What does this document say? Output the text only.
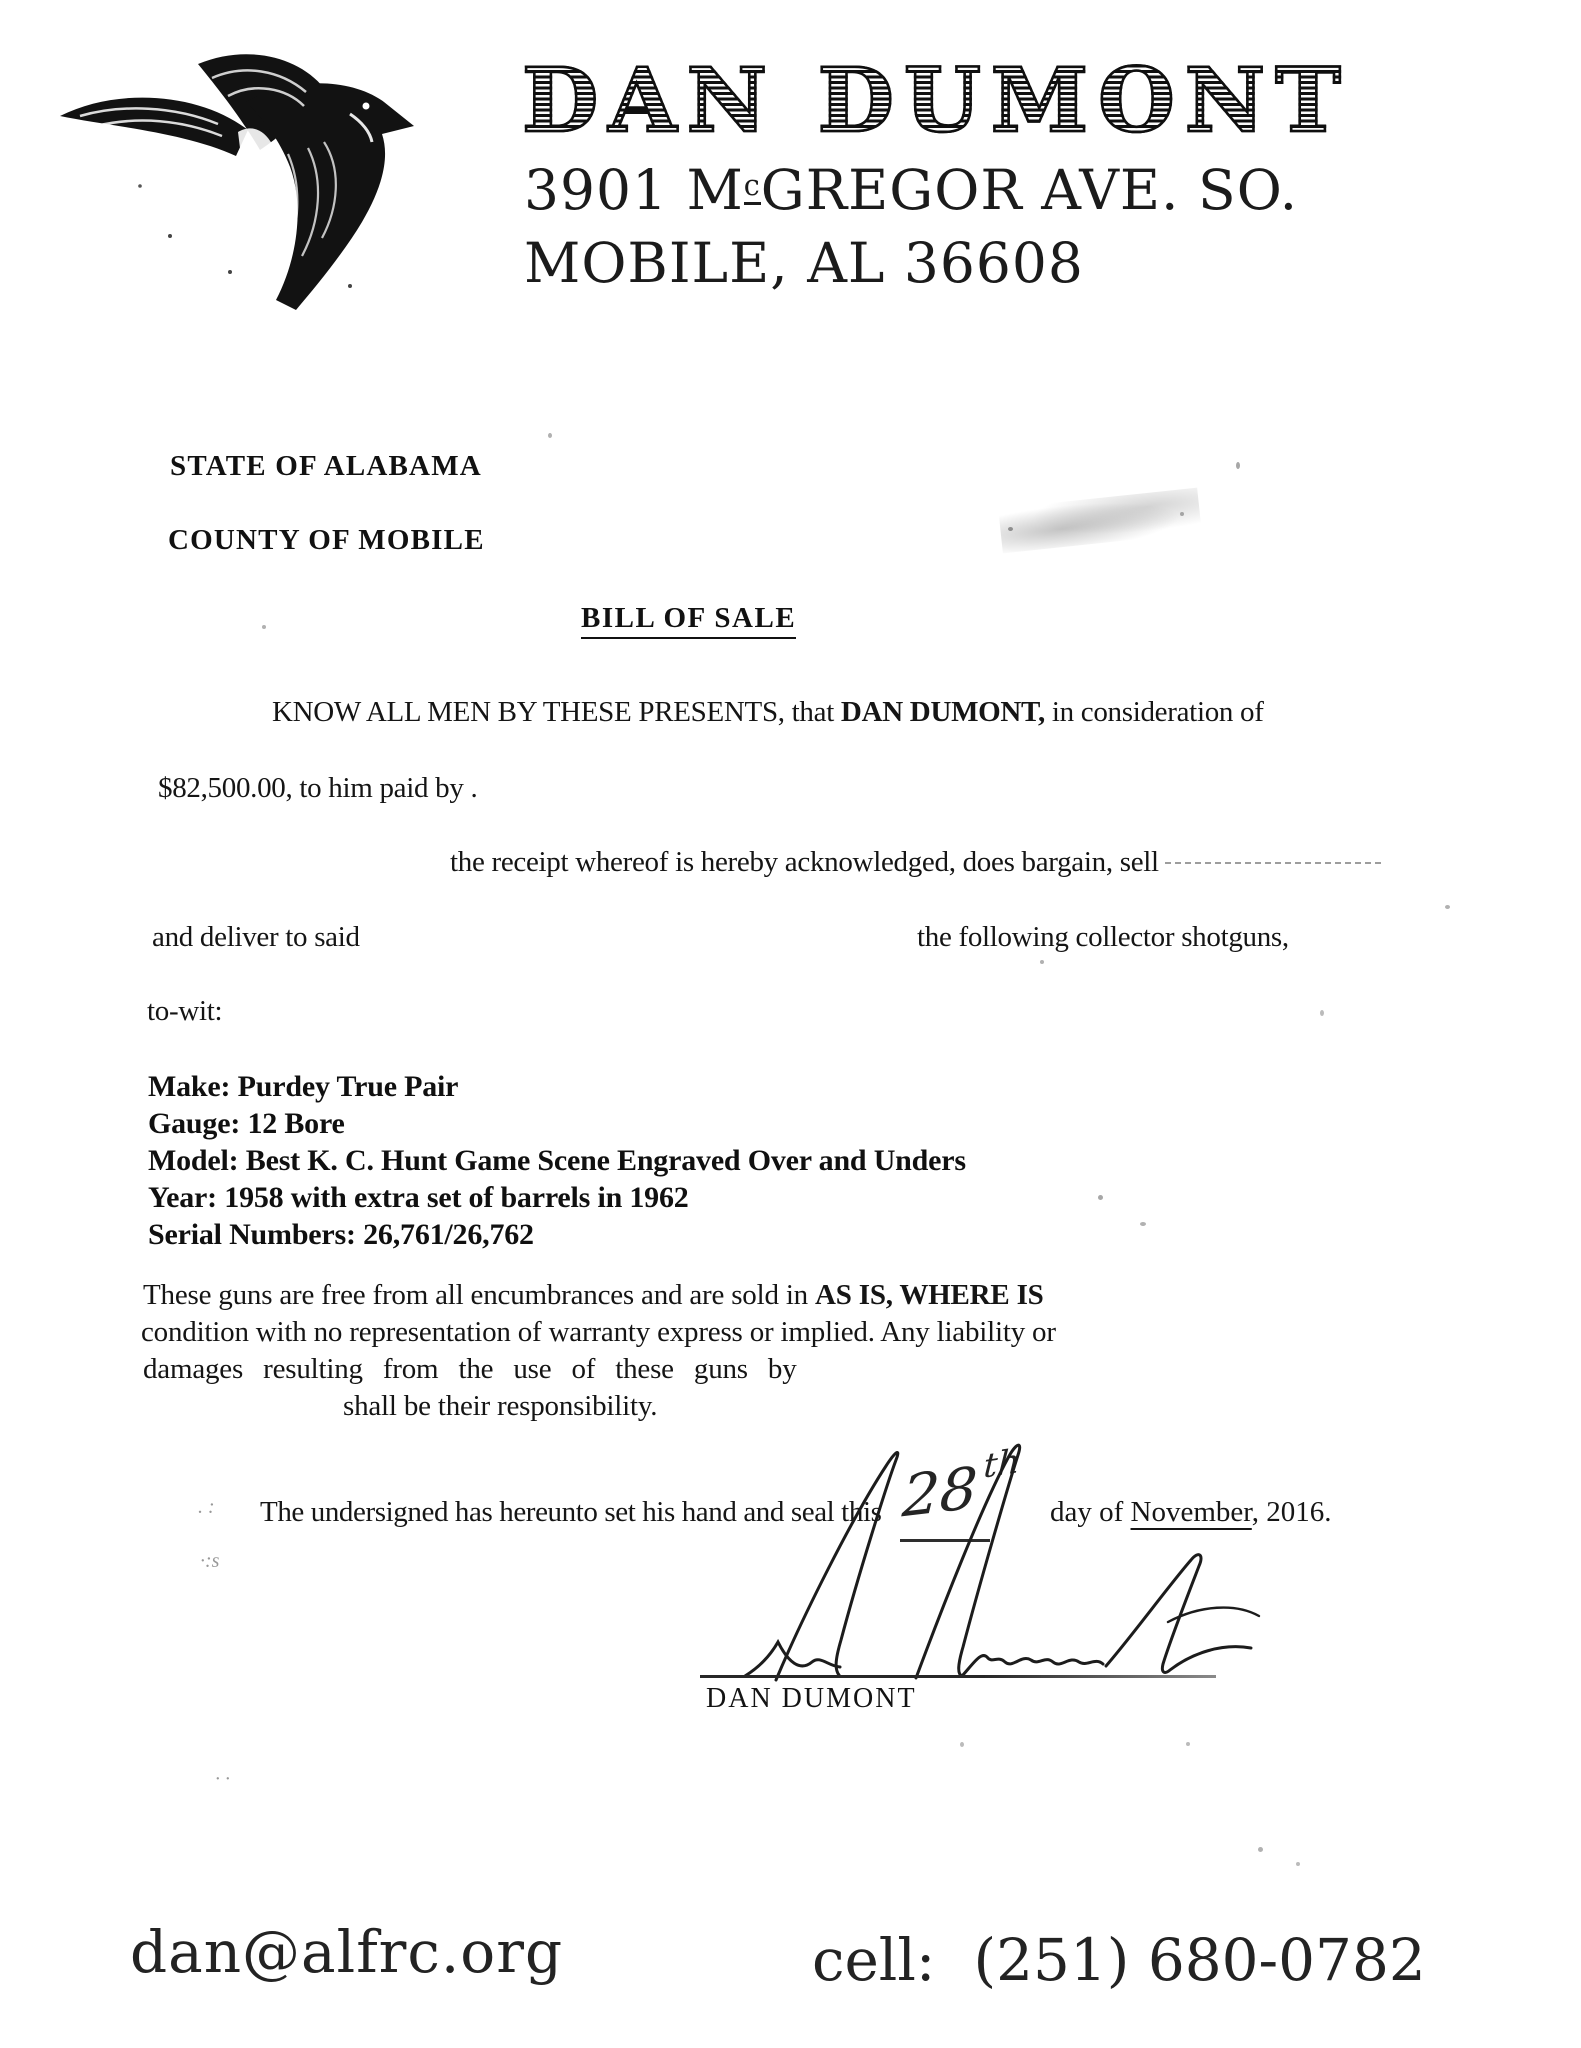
DAN DUMONT
3901 $M^cGREGOR$ AVE. SO.
MOBILE, AL 36608
STATE OF ALABAMA
COUNTY OF MOBILE
BILL OF SALE
KNOW ALL MEN BY THESE PRESENTS, that DAN DUMONT, in consideration of
$82,500.00, to him paid by .
the receipt whereof is hereby acknowledged, does bargain, sell
and deliver to said	the following collector shotguns,
to-wit:
Make: Purdey True Pair
Gauge: 12 Bore
Model: Best K. C. Hunt Game Scene Engraved Over and Unders
Year: 1958 with extra set of barrels in 1962
Serial Numbers: 26,761/26,762
These guns are free from all encumbrances and are sold in AS IS, WHERE IS
condition with no representation of warranty express or implied. Any liability or
damages resulting from the use of these guns by
shall be their responsibility.
The undersigned has hereunto set his hand and seal this 28 th
day of November, 2016.
DAN DUMONT
dan@alfrc.org	cell: (251) 680-0782
. :
·:﻿s
· ·
